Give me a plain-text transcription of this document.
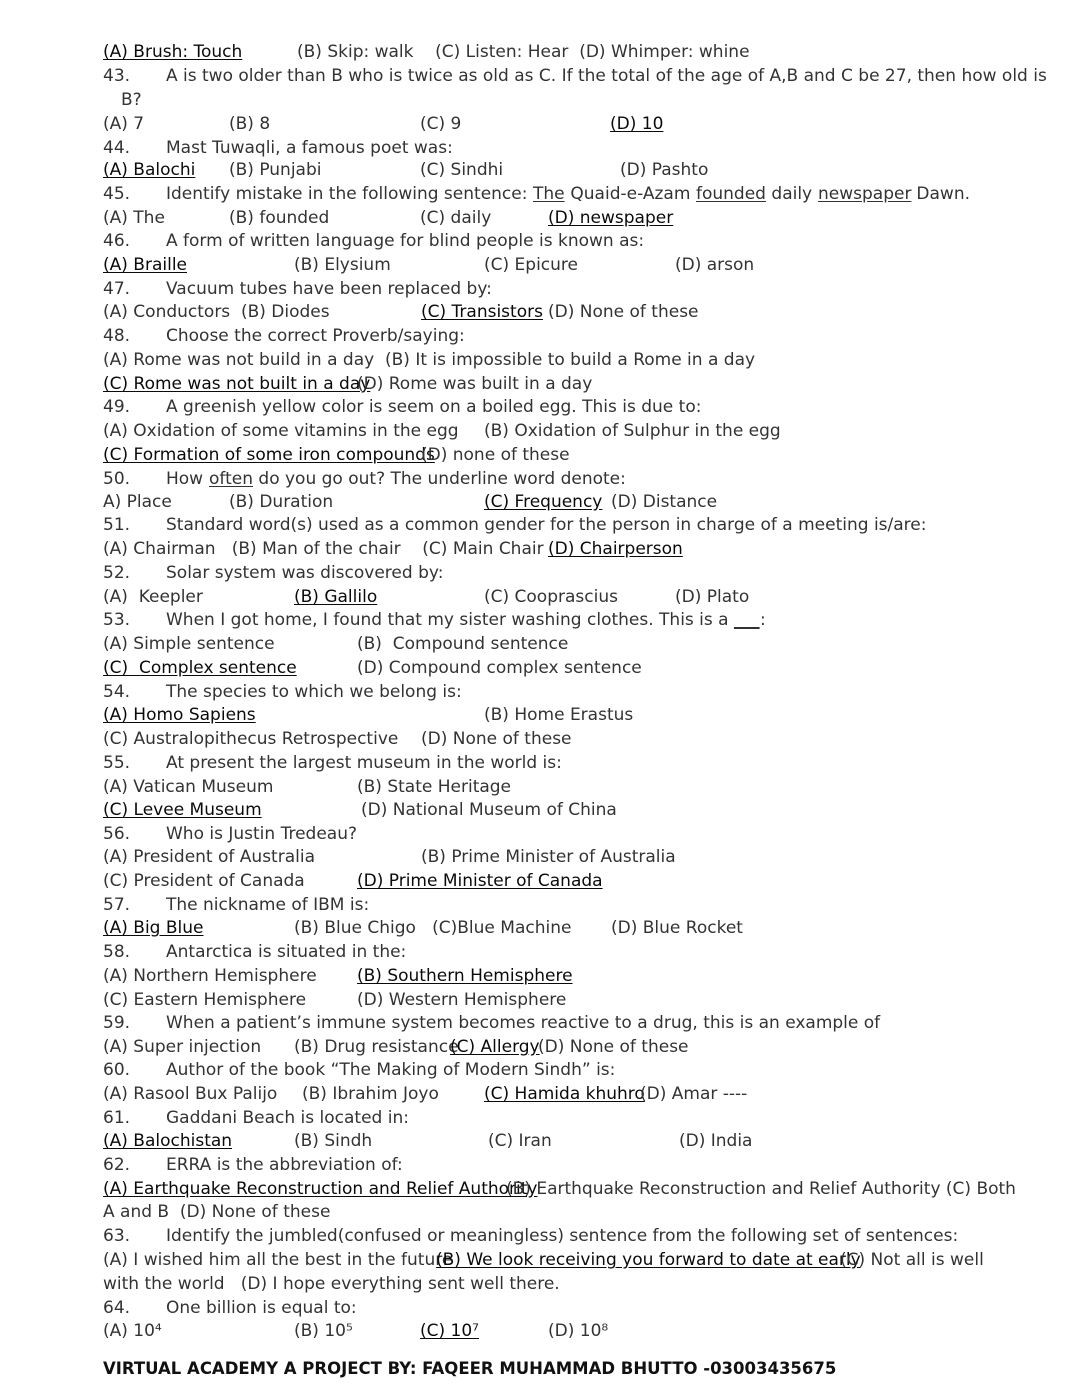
(A) Brush: Touch	(B) Skip: walk    (C) Listen: Hear  (D) Whimper: whine
43. A is two older than B who is twice as old as C. If the total of the age of A,B and C be 27, then how old is
B?
(A) 7	(B) 8	(C) 9	(D) 10
44. Mast Tuwaqli, a famous poet was:
(A) Balochi (B) Punjabi	(C) Sindhi	(D) Pashto
45. Identify mistake in the following sentence: The Quaid-e-Azam founded daily newspaper Dawn.
(A) The	(B) founded	(C) daily	(D) newspaper
46. A form of written language for blind people is known as:
(A) Braille	(B) Elysium	(C) Epicure	(D) arson
47. Vacuum tubes have been replaced by:
(A) Conductors  (B) Diodes	(C) Transistors (D) None of these
48. Choose the correct Proverb/saying:
(A) Rome was not build in a day  (B) It is impossible to build a Rome in a day
(C) Rome was not built in a day
(D) Rome was built in a day
49. A greenish yellow color is seem on a boiled egg. This is due to:
(A) Oxidation of some vitamins in the egg (B) Oxidation of Sulphur in the egg
(C) Formation of some iron compounds
(D) none of these
50. How often do you go out? The underline word denote:
A) Place	(B) Duration	(C) Frequency (D) Distance
51. Standard word(s) used as a common gender for the person in charge of a meeting is/are:
(A) Chairman   (B) Man of the chair    (C) Main Chair (D) Chairperson
52. Solar system was discovered by:
(A)  Keepler	(B) Gallilo	(C) Cooprascius	(D) Plato
53. When I got home, I found that my sister washing clothes. This is a ___ :
(A) Simple sentence	(B)  Compound sentence
(C)  Complex sentence	(D) Compound complex sentence
54. The species to which we belong is:
(A) Homo Sapiens	(B) Home Erastus
(C) Australopithecus Retrospective (D) None of these
55. At present the largest museum in the world is:
(A) Vatican Museum	(B) State Heritage
(C) Levee Museum	(D) National Museum of China
56. Who is Justin Tredeau?
(A) President of Australia	(B) Prime Minister of Australia
(C) President of Canada	(D) Prime Minister of Canada
57. The nickname of IBM is:
(A) Big Blue	(B) Blue Chigo   (C)Blue Machine (D) Blue Rocket
58. Antarctica is situated in the:
(A) Northern Hemisphere (B) Southern Hemisphere
(C) Eastern Hemisphere	(D) Western Hemisphere
59. When a patient’s immune system becomes reactive to a drug, this is an example of
(A) Super injection (B) Drug resistance
(C) Allergy
(D) None of these
60. Author of the book “The Making of Modern Sindh” is:
(A) Rasool Bux Palijo (B) Ibrahim Joyo	(C) Hamida khuhro
(D) Amar ----
61. Gaddani Beach is located in:
(A) Balochistan	(B) Sindh	(C) Iran	(D) India
62. ERRA is the abbreviation of:
(A) Earthquake Reconstruction and Relief Authority
(B) Earthquake Reconstruction and Relief Authority (C) Both
A and B  (D) None of these
63. Identify the jumbled(confused or meaningless) sentence from the following set of sentences:
(A) I wished him all the best in the future
(B) We look receiving you forward to date at early
(C) Not all is well
with the world   (D) I hope everything sent well there.
64. One billion is equal to:
(A) 10⁴	(B) 10⁵	(C) 10⁷	(D) 10⁸
VIRTUAL ACADEMY A PROJECT BY: FAQEER MUHAMMAD BHUTTO -03003435675
